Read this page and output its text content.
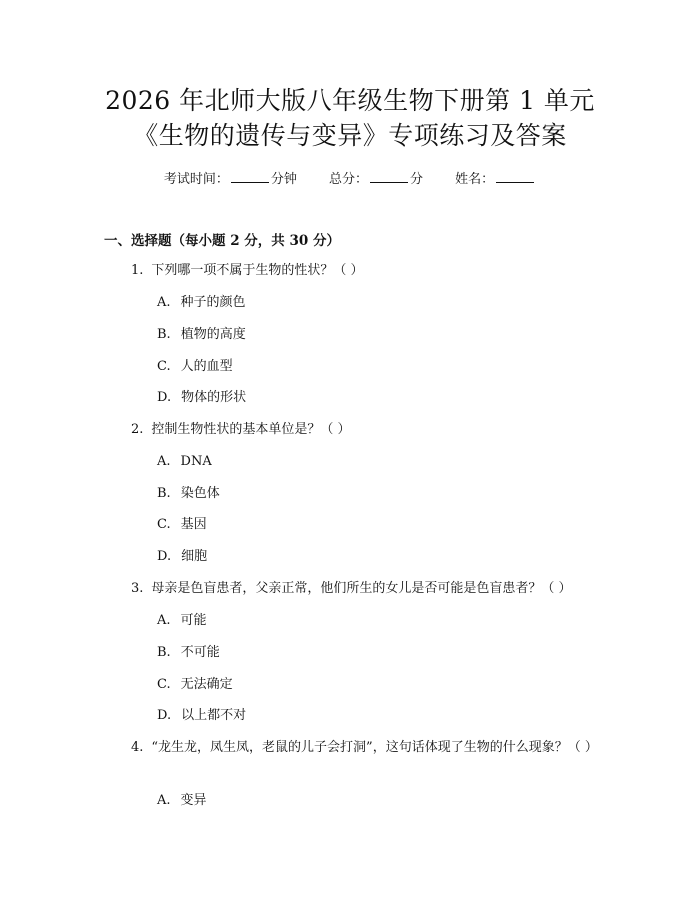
2026 年北师大版八年级生物下册第 1 单元
《生物的遗传与变异》专项练习及答案
考试时间：	分钟 总分：	分 姓名：
一、选择题（每小题 2 分，共 30 分）
1. 下列哪一项不属于生物的性状？（ ）
A. 种子的颜色
B. 植物的高度
C. 人的血型
D. 物体的形状
2. 控制生物性状的基本单位是？（ ）
A. DNA
B. 染色体
C. 基因
D. 细胞
3. 母亲是色盲患者，父亲正常，他们所生的女儿是否可能是色盲患者？（ ）
A. 可能
B. 不可能
C. 无法确定
D. 以上都不对
4. “龙生龙，凤生凤，老鼠的儿子会打洞”，这句话体现了生物的什么现象？（ ）
A. 变异
